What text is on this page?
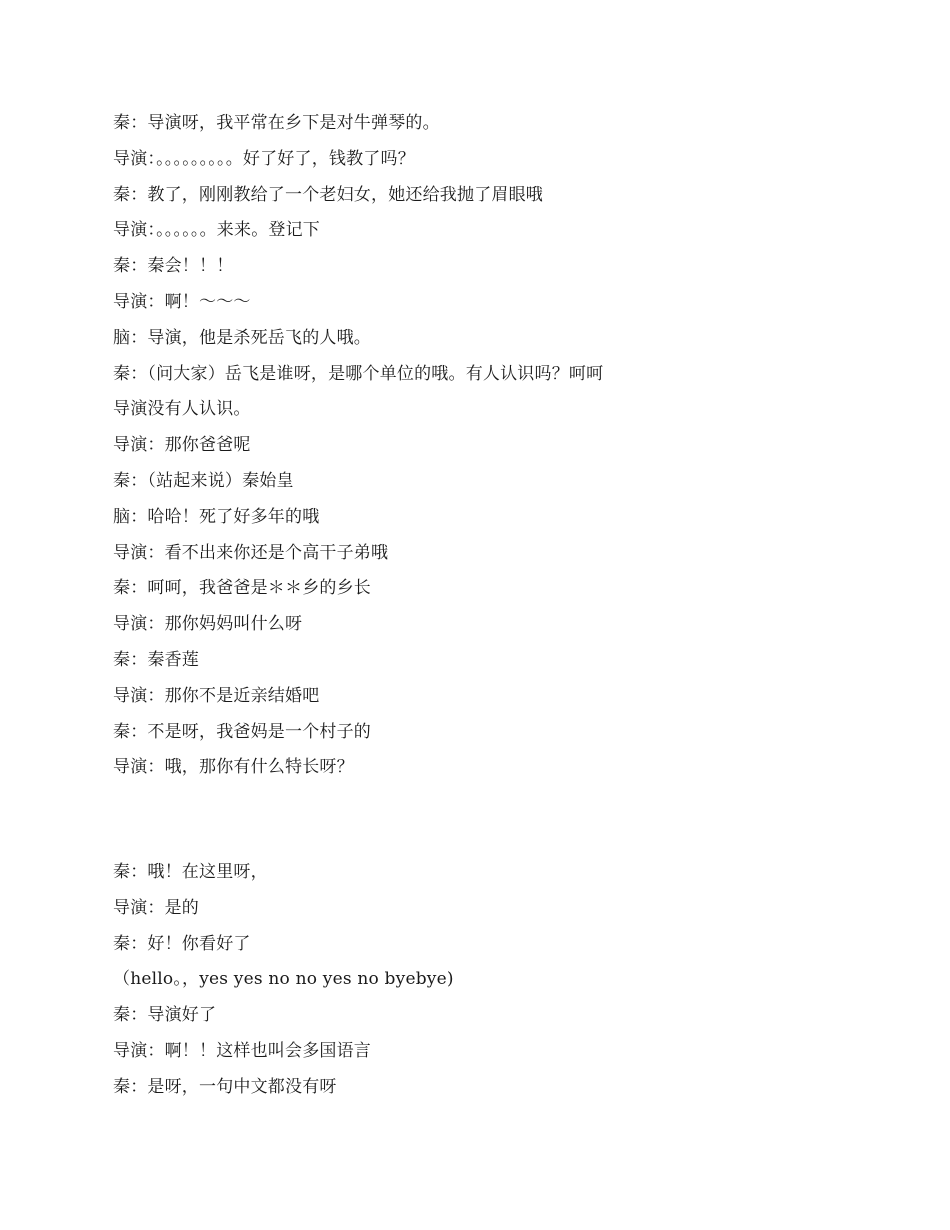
秦：导演呀，我平常在乡下是对牛弹琴的。
导演：。。。。。。。。。好了好了，钱教了吗？
秦：教了，刚刚教给了一个老妇女，她还给我抛了眉眼哦
导演：。。。。。。来来。登记下
秦：秦会！！！
导演：啊！～～～
脑：导演，他是杀死岳飞的人哦。
秦：（问大家）岳飞是谁呀，是哪个单位的哦。有人认识吗？呵呵
导演没有人认识。
导演：那你爸爸呢
秦：（站起来说）秦始皇
脑：哈哈！死了好多年的哦
导演：看不出来你还是个高干子弟哦
秦：呵呵，我爸爸是＊＊乡的乡长
导演：那你妈妈叫什么呀
秦：秦香莲
导演：那你不是近亲结婚吧
秦：不是呀，我爸妈是一个村子的
导演：哦，那你有什么特长呀？
秦：哦！在这里呀，
导演：是的
秦：好！你看好了
（hello。，yes yes no no yes no byebye)
秦：导演好了
导演：啊！！这样也叫会多国语言
秦：是呀，一句中文都没有呀
